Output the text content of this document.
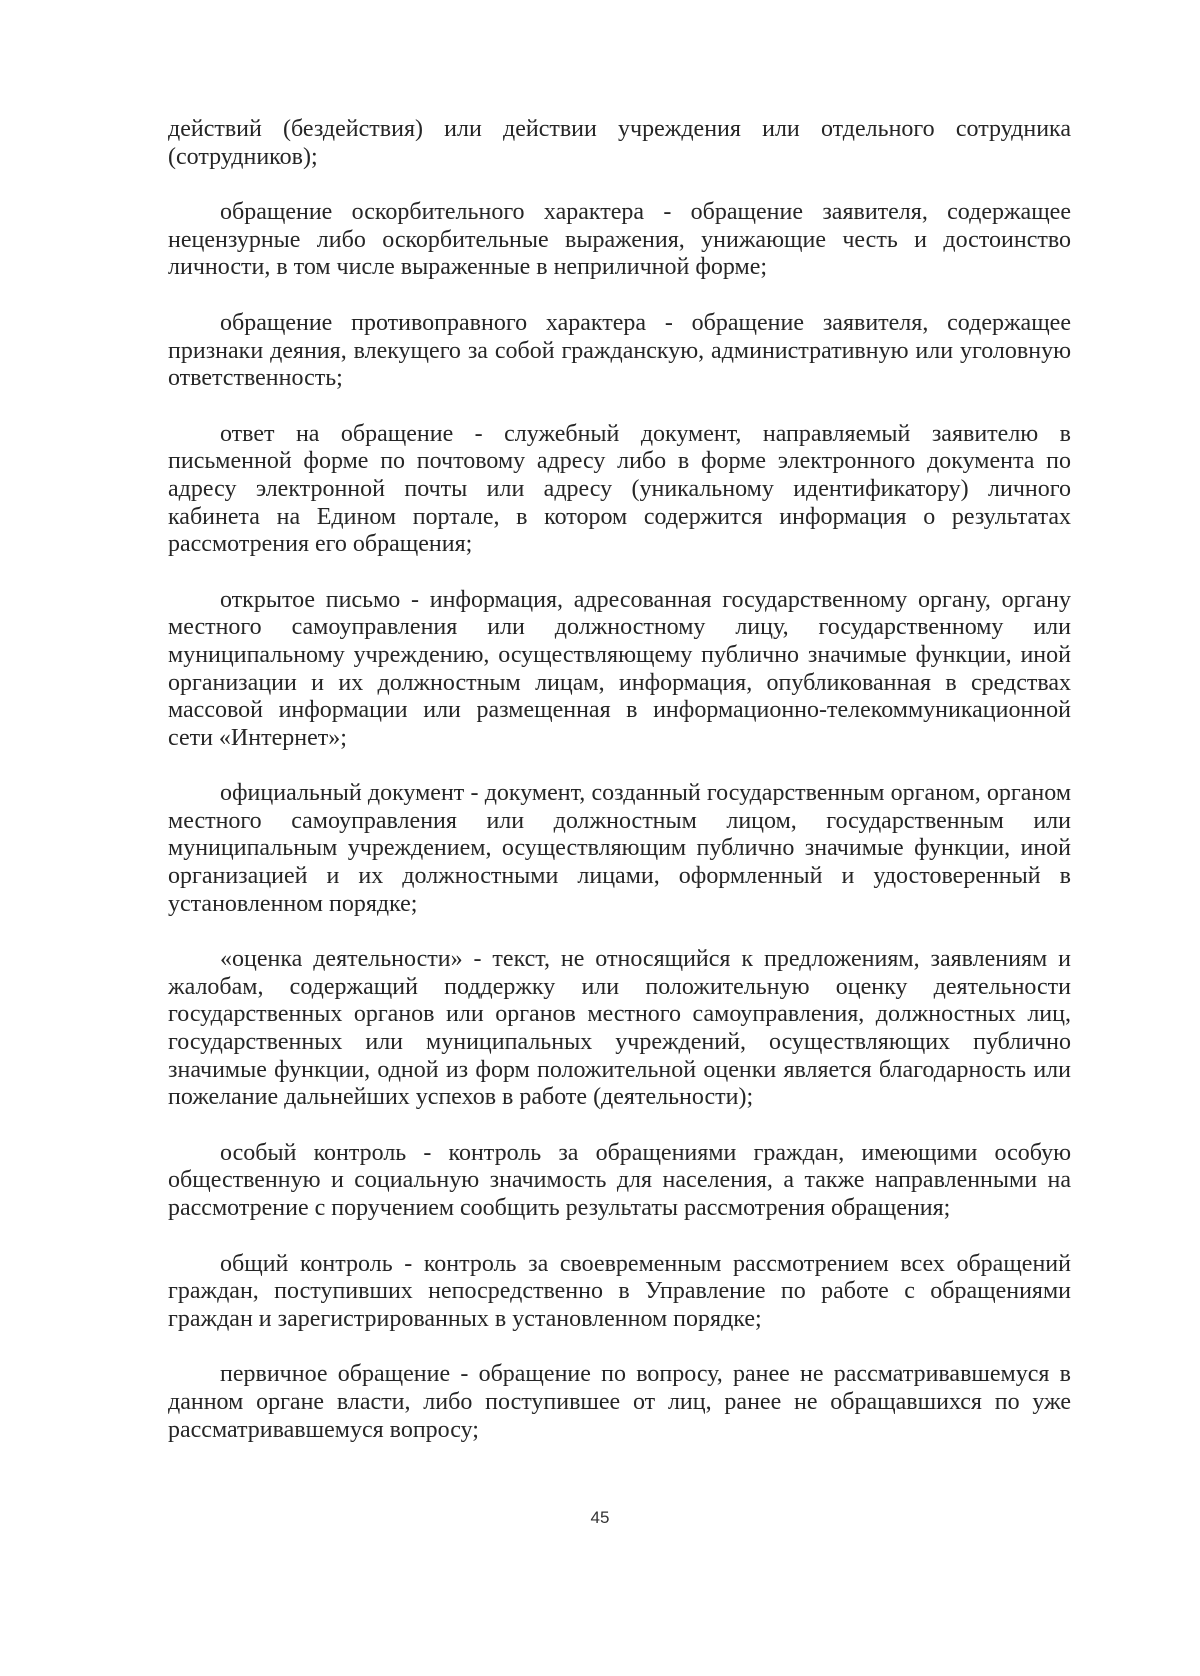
действий (бездействия) или действии учреждения или отдельного сотрудника (сотрудников);

обращение оскорбительного характера - обращение заявителя, содержащее нецензурные либо оскорбительные выражения, унижающие честь и достоинство личности, в том числе выраженные в неприличной форме;

обращение противоправного характера - обращение заявителя, содержащее признаки деяния, влекущего за собой гражданскую, административную или уголовную ответственность;

ответ на обращение - служебный документ, направляемый заявителю в письменной форме по почтовому адресу либо в форме электронного документа по адресу электронной почты или адресу (уникальному идентификатору) личного кабинета на Едином портале, в котором содержится информация о результатах рассмотрения его обращения;

открытое письмо - информация, адресованная государственному органу, органу местного самоуправления или должностному лицу, государственному или муниципальному учреждению, осуществляющему публично значимые функции, иной организации и их должностным лицам, информация, опубликованная в средствах массовой информации или размещенная в информационно-телекоммуникационной сети «Интернет»;

официальный документ - документ, созданный государственным органом, органом местного самоуправления или должностным лицом, государственным или муниципальным учреждением, осуществляющим публично значимые функции, иной организацией и их должностными лицами, оформленный и удостоверенный в установленном порядке;

«оценка деятельности» - текст, не относящийся к предложениям, заявлениям и жалобам, содержащий поддержку или положительную оценку деятельности государственных органов или органов местного самоуправления, должностных лиц, государственных или муниципальных учреждений, осуществляющих публично значимые функции, одной из форм положительной оценки является благодарность или пожелание дальнейших успехов в работе (деятельности);

особый контроль - контроль за обращениями граждан, имеющими особую общественную и социальную значимость для населения, а также направленными на рассмотрение с поручением сообщить результаты рассмотрения обращения;

общий контроль - контроль за своевременным рассмотрением всех обращений граждан, поступивших непосредственно в Управление по работе с обращениями граждан и зарегистрированных в установленном порядке;

первичное обращение - обращение по вопросу, ранее не рассматривавшемуся в данном органе власти, либо поступившее от лиц, ранее не обращавшихся по уже рассматривавшемуся вопросу;

45
